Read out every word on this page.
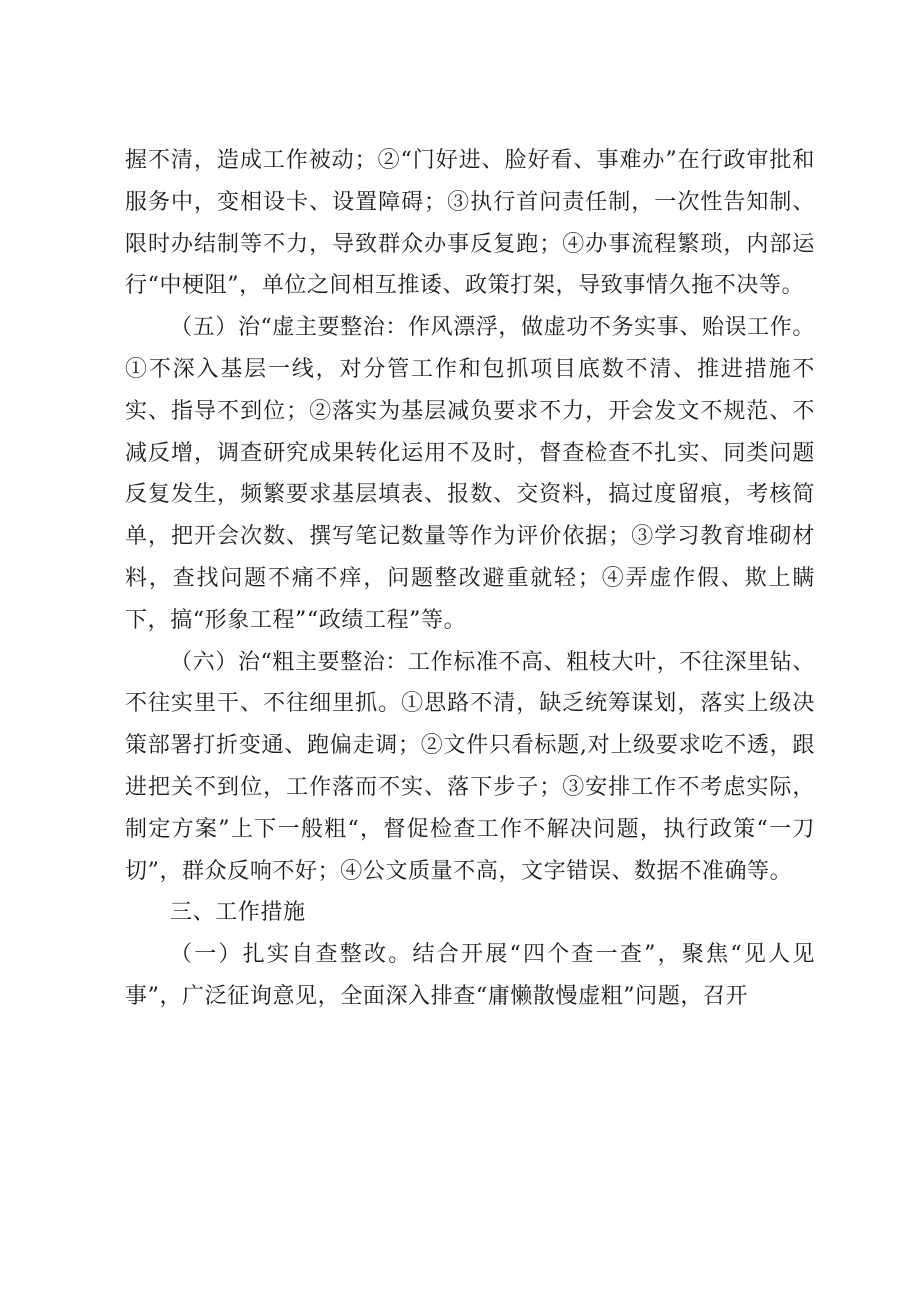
握不清，造成工作被动；②“门好进、脸好看、事难办”在行政审批和服务中，变相设卡、设置障碍；③执行首问责任制，一次性告知制、限时办结制等不力，导致群众办事反复跑；④办事流程繁琐，内部运行“中梗阻”，单位之间相互推诿、政策打架，导致事情久拖不决等。

（五）治“虚主要整治：作风漂浮，做虚功不务实事、贻误工作。①不深入基层一线，对分管工作和包抓项目底数不清、推进措施不实、指导不到位；②落实为基层减负要求不力，开会发文不规范、不减反增，调查研究成果转化运用不及时，督查检查不扎实、同类问题反复发生，频繁要求基层填表、报数、交资料，搞过度留痕，考核简单，把开会次数、撰写笔记数量等作为评价依据；③学习教育堆砌材料，查找问题不痛不痒，问题整改避重就轻；④弄虚作假、欺上瞒下，搞“形象工程”“政绩工程”等。

（六）治“粗主要整治：工作标准不高、粗枝大叶，不往深里钻、不往实里干、不往细里抓。①思路不清，缺乏统筹谋划，落实上级决策部署打折变通、跑偏走调；②文件只看标题,对上级要求吃不透，跟进把关不到位，工作落而不实、落下步子；③安排工作不考虑实际，制定方案”上下一般粗“，督促检查工作不解决问题，执行政策“一刀切”，群众反响不好；④公文质量不高，文字错误、数据不准确等。

三、工作措施

（一）扎实自查整改。结合开展“四个查一查”，聚焦“见人见事”，广泛征询意见，全面深入排查“庸懒散慢虚粗”问题，召开
